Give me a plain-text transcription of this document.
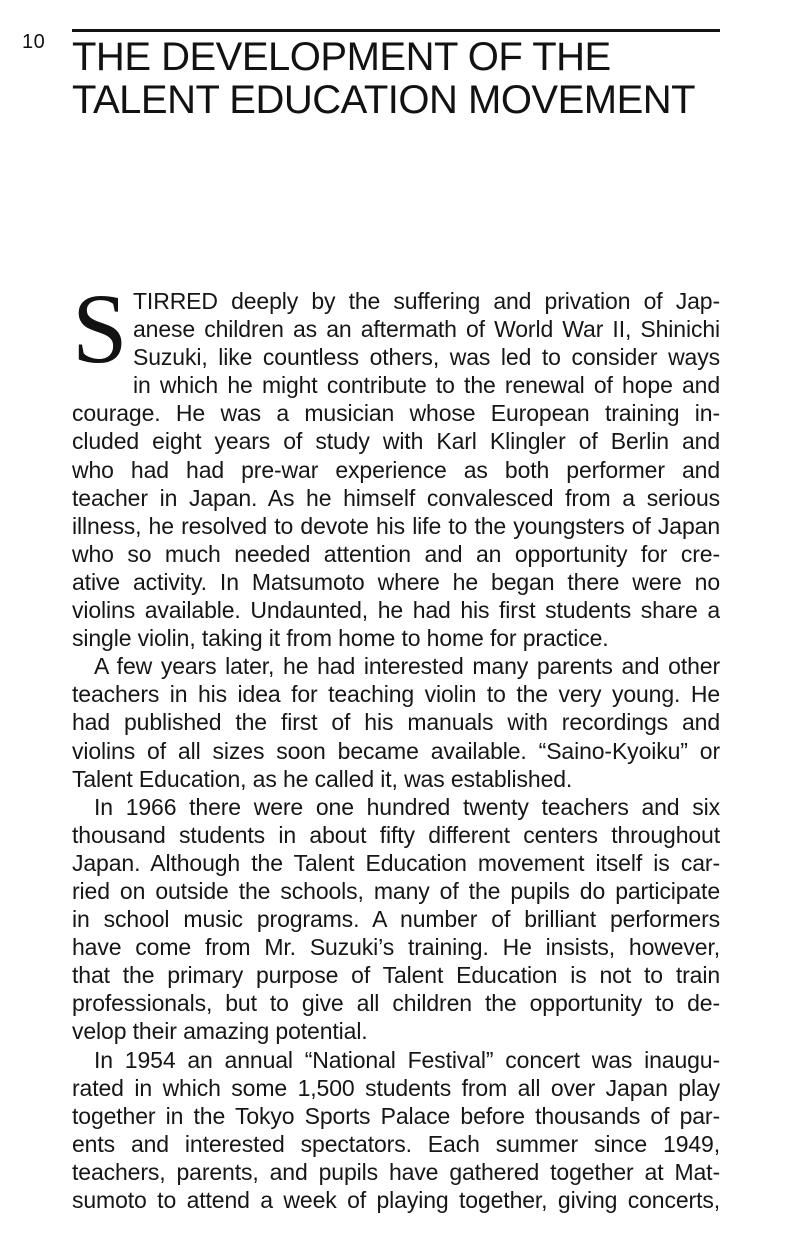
10 THE DEVELOPMENT OF THE
TALENT EDUCATION MOVEMENT
S TIRRED deeply by the suffering and privation of Jap-
anese children as an aftermath of World War II, Shinichi
Suzuki, like countless others, was led to consider ways
in which he might contribute to the renewal of hope and
courage. He was a musician whose European training in-
cluded eight years of study with Karl Klingler of Berlin and
who had had pre-war experience as both performer and
teacher in Japan. As he himself convalesced from a serious
illness, he resolved to devote his life to the youngsters of Japan
who so much needed attention and an opportunity for cre-
ative activity. In Matsumoto where he began there were no
violins available. Undaunted, he had his first students share a
single violin, taking it from home to home for practice.
A few years later, he had interested many parents and other
teachers in his idea for teaching violin to the very young. He
had published the first of his manuals with recordings and
violins of all sizes soon became available. “Saino-Kyoiku” or
Talent Education, as he called it, was established.
In 1966 there were one hundred twenty teachers and six
thousand students in about fifty different centers throughout
Japan. Although the Talent Education movement itself is car-
ried on outside the schools, many of the pupils do participate
in school music programs. A number of brilliant performers
have come from Mr. Suzuki’s training. He insists, however,
that the primary purpose of Talent Education is not to train
professionals, but to give all children the opportunity to de-
velop their amazing potential.
In 1954 an annual “National Festival” concert was inaugu-
rated in which some 1,500 students from all over Japan play
together in the Tokyo Sports Palace before thousands of par-
ents and interested spectators. Each summer since 1949,
teachers, parents, and pupils have gathered together at Mat-
sumoto to attend a week of playing together, giving concerts,
